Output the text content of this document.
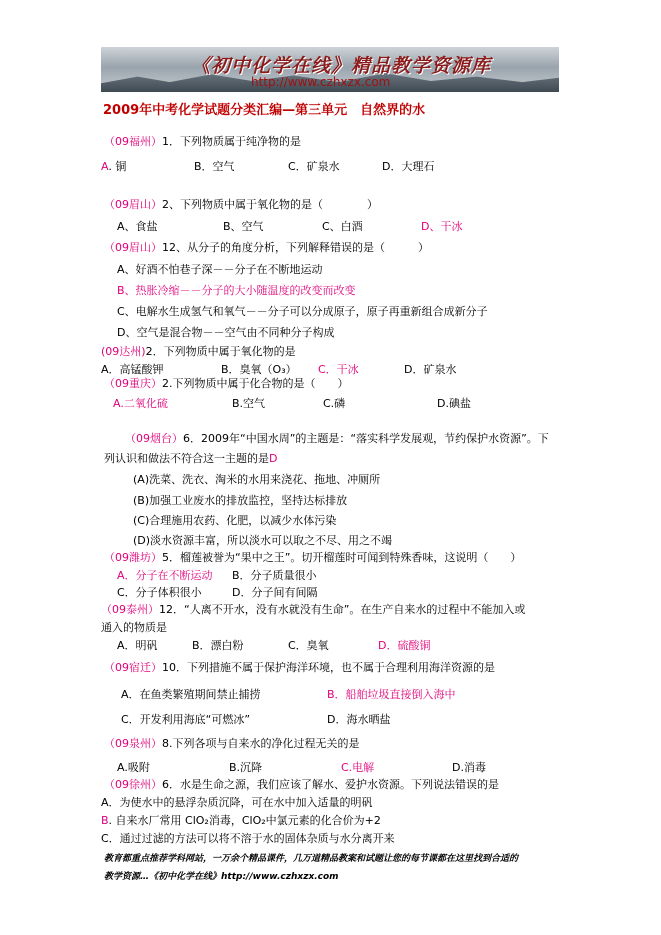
《初中化学在线》精品教学资源库
http://www.czhxzx.com
2009年中考化学试题分类汇编—第三单元　自然界的水
（09福州）1．下列物质属于纯净物的是
A. 铜	B．空气	C．矿泉水	D．大理石
（09眉山）2、下列物质中属于氧化物的是（　　　　）
A、食盐	B、空气	C、白酒	D、干冰
（09眉山）12、从分子的角度分析，下列解释错误的是（　　　）
A、好酒不怕巷子深－－分子在不断地运动
B、热胀冷缩－－分子的大小随温度的改变而改变
C、电解水生成氢气和氧气－－分子可以分成原子，原子再重新组合成新分子
D、空气是混合物－－空气由不同种分子构成
(09达州)2．下列物质中属于氧化物的是
A．高锰酸钾	B．臭氧（O₃） C．干冰	D．矿泉水
（09重庆）2.下列物质中属于化合物的是（　　）
A.二氧化硫	B.空气	C.磷	D.碘盐
（09烟台）6．2009年“中国水周”的主题是：“落实科学发展观，节约保护水资源”。下
列认识和做法不符合这一主题的是D
(A)洗菜、洗衣、淘米的水用来浇花、拖地、冲厕所
(B)加强工业废水的排放监控，坚持达标排放
(C)合理施用农药、化肥，以减少水体污染
(D)淡水资源丰富，所以淡水可以取之不尽、用之不竭
（09潍坊）5．榴莲被誉为“果中之王”。切开榴莲时可闻到特殊香味，这说明（　　）
A．分子在不断运动 B．分子质量很小
C．分子体积很小	D．分子间有间隔
（09泰州）12．“人离不开水，没有水就没有生命”。在生产自来水的过程中不能加入或
通入的物质是
A．明矾	B．漂白粉	C．臭氧	D．硫酸铜
（09宿迁）10．下列措施不属于保护海洋环境，也不属于合理利用海洋资源的是
A．在鱼类繁殖期间禁止捕捞	B．船舶垃圾直接倒入海中
C．开发利用海底“可燃冰”	D．海水晒盐
（09泉州）8.下列各项与自来水的净化过程无关的是
A.吸附	B.沉降	C.电解	D.消毒
（09徐州）6．水是生命之源，我们应该了解水、爱护水资源。下列说法错误的是
A．为使水中的悬浮杂质沉降，可在水中加入适量的明矾
B. 自来水厂常用 ClO₂消毒，ClO₂中氯元素的化合价为+2
C．通过过滤的方法可以将不溶于水的固体杂质与水分离开来
教育都重点推荐学科网站，一万余个精品课件，几万道精品教案和试题让您的每节课都在这里找到合适的
教学资源…《初中化学在线》http://www.czhxzx.com
